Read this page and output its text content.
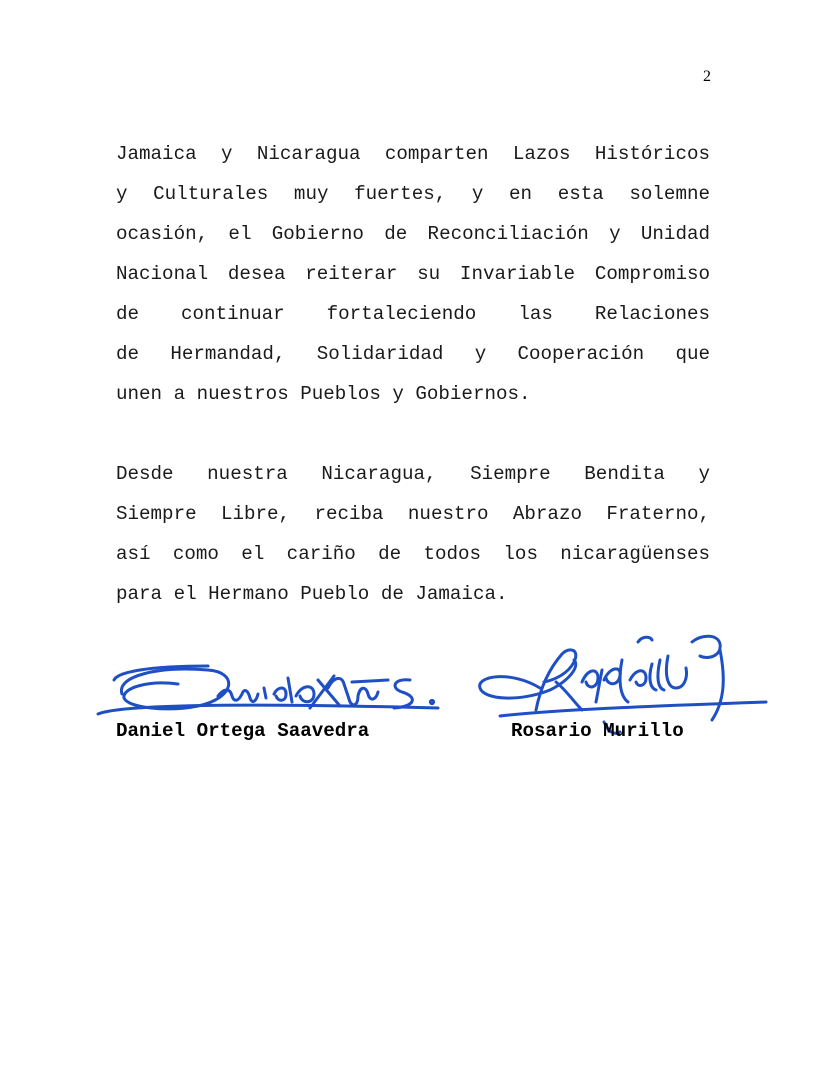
2
Jamaica y Nicaragua comparten Lazos Históricos
y Culturales muy fuertes, y en esta solemne
ocasión, el Gobierno de Reconciliación y Unidad
Nacional desea reiterar su Invariable Compromiso
de continuar fortaleciendo las Relaciones
de Hermandad, Solidaridad y Cooperación que
unen a nuestros Pueblos y Gobiernos.
Desde nuestra Nicaragua, Siempre Bendita y
Siempre Libre, reciba nuestro Abrazo Fraterno,
así como el cariño de todos los nicaragüenses
para el Hermano Pueblo de Jamaica.
Daniel Ortega Saavedra	Rosario Murillo
